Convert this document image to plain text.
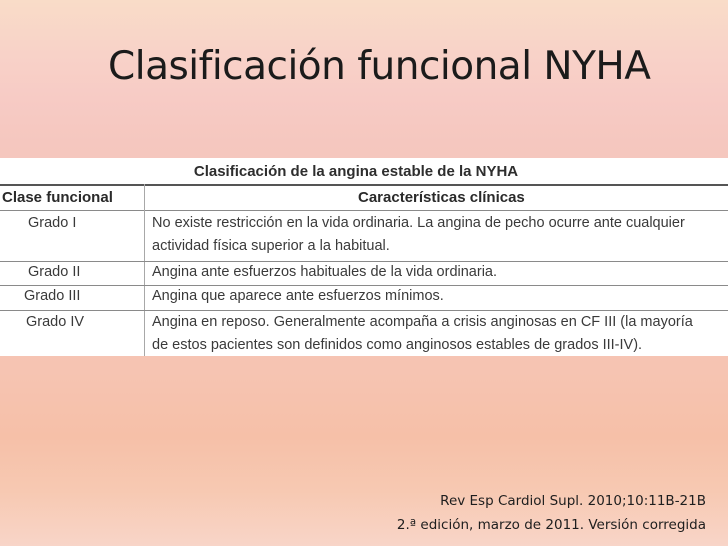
Clasificación funcional NYHA
Clasificación de la angina estable de la NYHA
Clase funcional	Características clínicas
Grado I	No existe restricción en la vida ordinaria. La angina de pecho ocurre ante cualquier
actividad física superior a la habitual.
Grado II	Angina ante esfuerzos habituales de la vida ordinaria.
Grado III	Angina que aparece ante esfuerzos mínimos.
Grado IV	Angina en reposo. Generalmente acompaña a crisis anginosas en CF III (la mayoría
de estos pacientes son definidos como anginosos estables de grados III-IV).
Rev Esp Cardiol Supl. 2010;10:11B-21B
2.ª edición, marzo de 2011. Versión corregida
